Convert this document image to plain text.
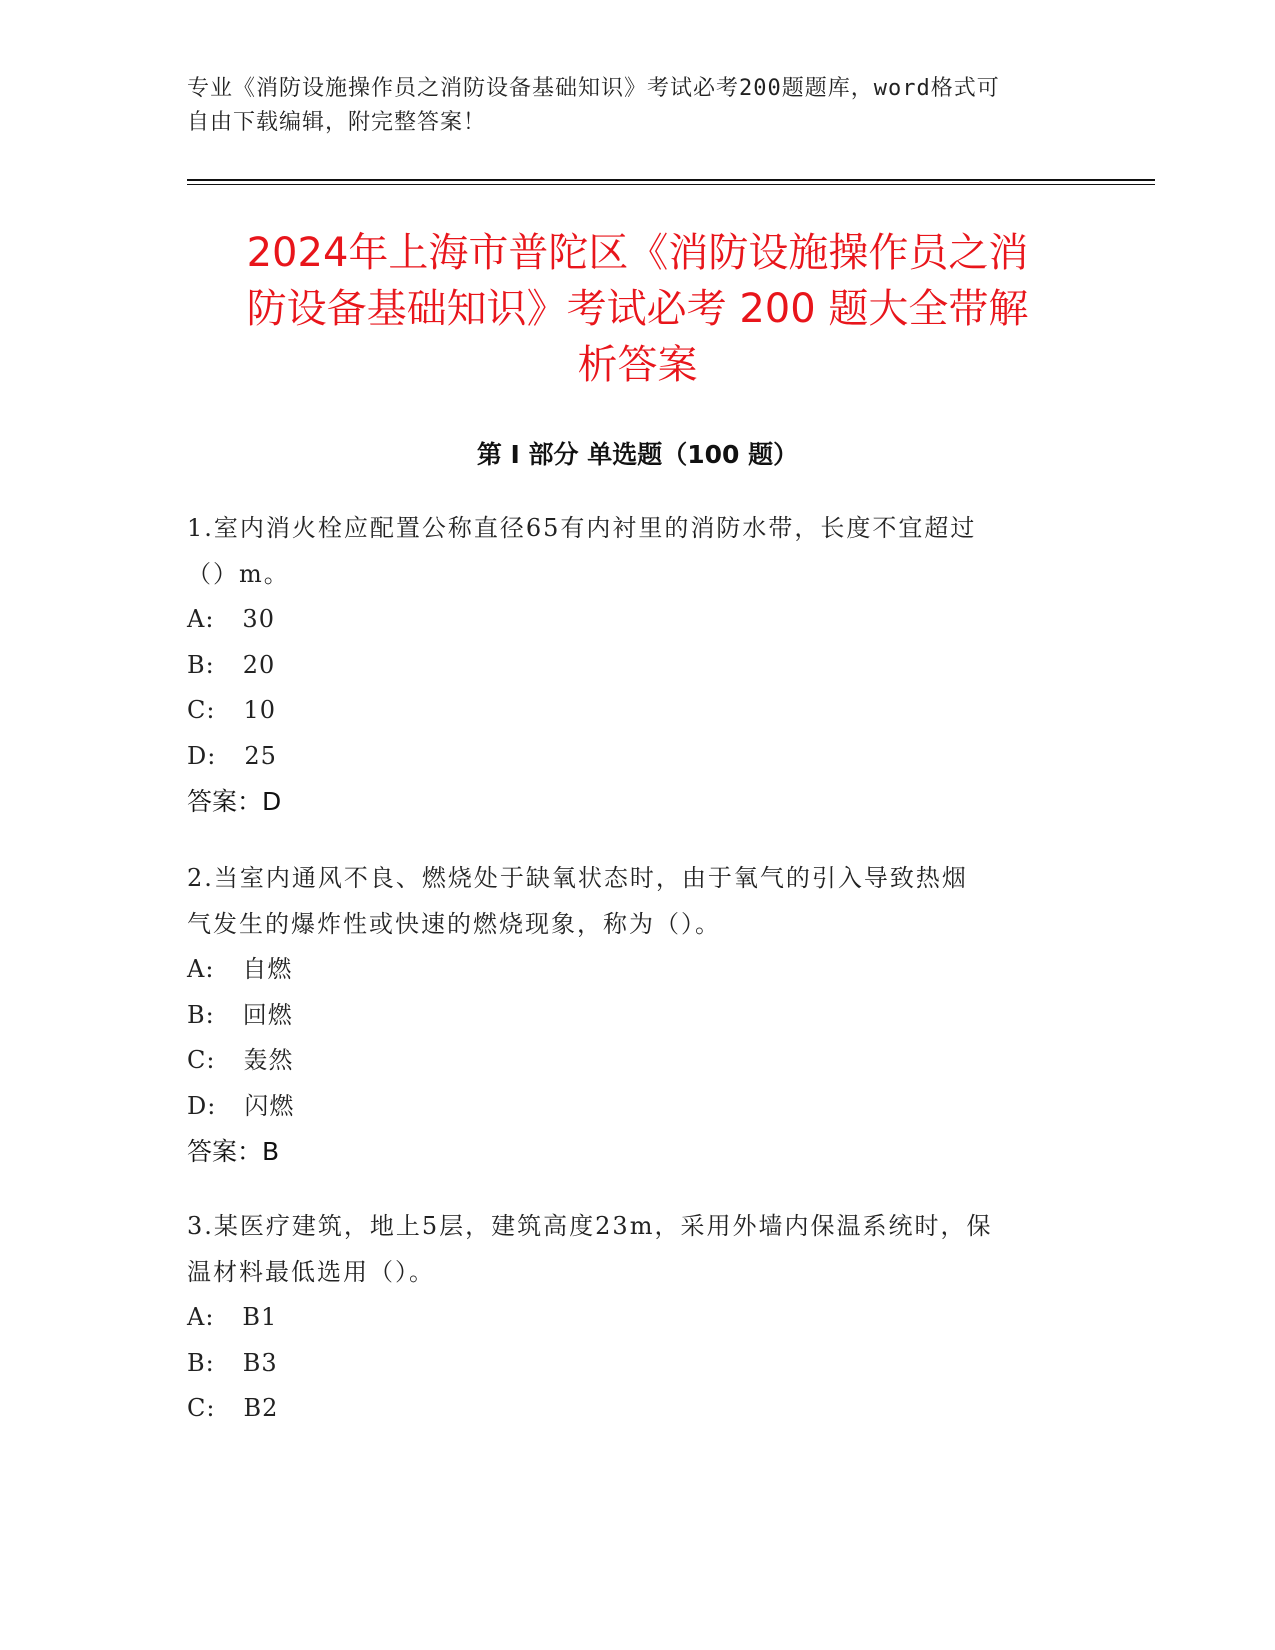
专业《消防设施操作员之消防设备基础知识》考试必考200题题库，word格式可
自由下载编辑，附完整答案！
2024年上海市普陀区《消防设施操作员之消
防设备基础知识》考试必考 200 题大全带解
析答案
第 I 部分 单选题（100 题）
1.室内消火栓应配置公称直径65有内衬里的消防水带，长度不宜超过
（）m。
A: 30
B: 20
C: 10
D: 25
答案：D
2.当室内通风不良、燃烧处于缺氧状态时，由于氧气的引入导致热烟
气发生的爆炸性或快速的燃烧现象，称为（）。
A: 自燃
B: 回燃
C: 轰然
D: 闪燃
答案：B
3.某医疗建筑，地上5层，建筑高度23m，采用外墙内保温系统时，保
温材料最低选用（）。
A: B1
B: B3
C: B2
